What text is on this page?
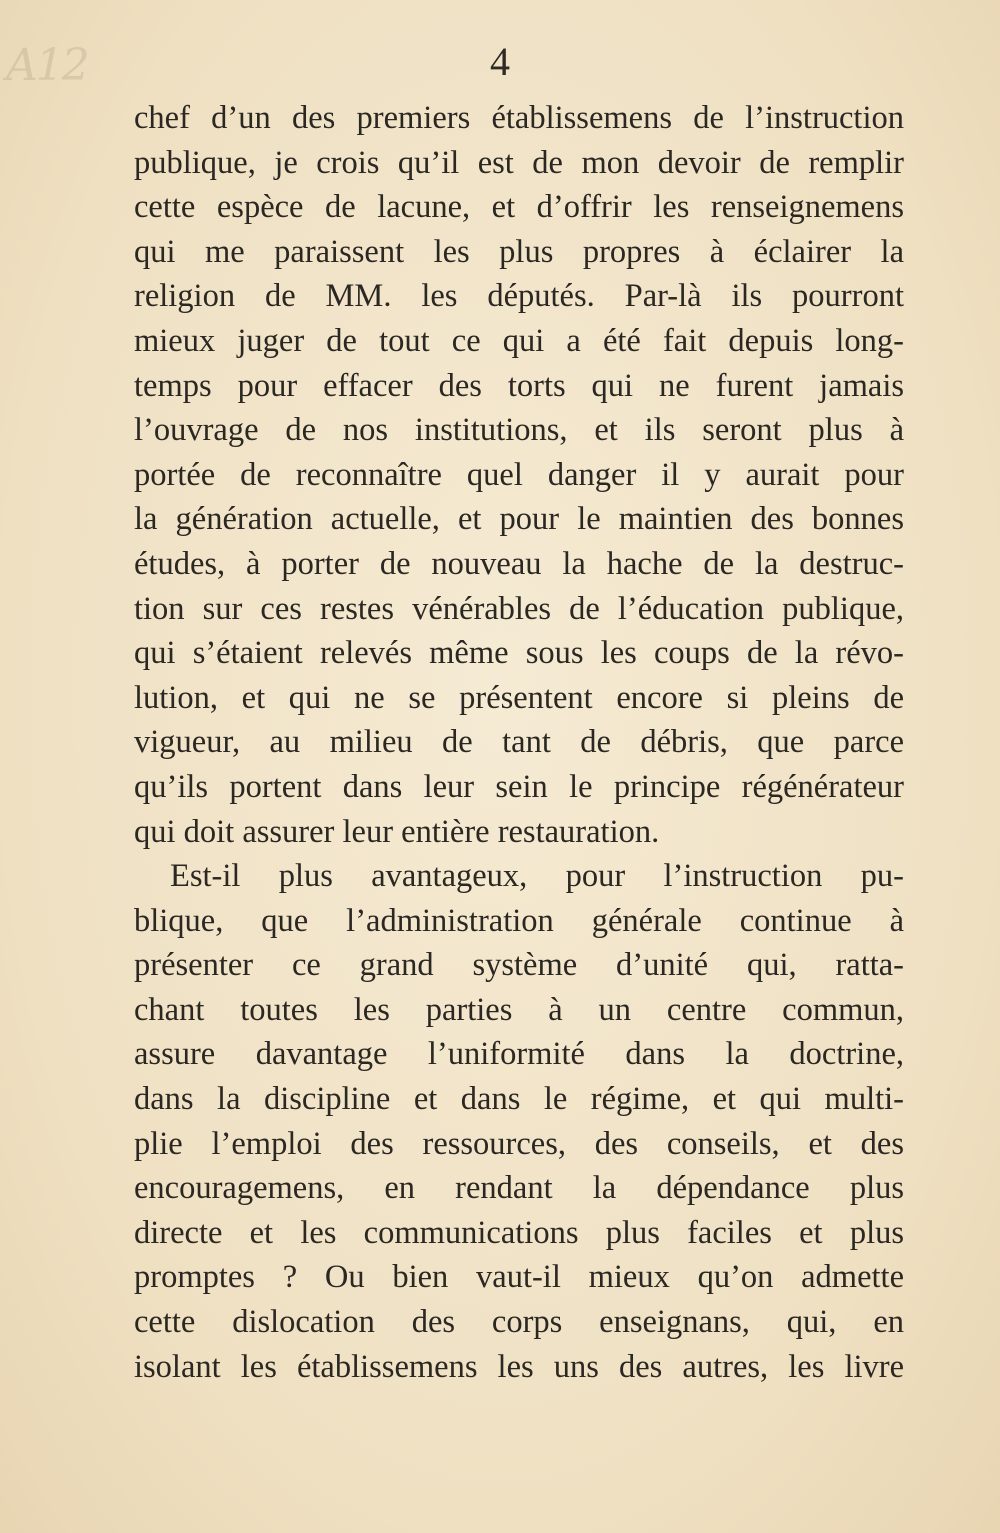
A12	4
chef d’un des premiers établissemens de l’instruction
publique, je crois qu’il est de mon devoir de remplir
cette espèce de lacune, et d’offrir les renseignemens
qui me paraissent les plus propres à éclairer la
religion de MM. les députés. Par-là ils pourront
mieux juger de tout ce qui a été fait depuis long-
temps pour effacer des torts qui ne furent jamais
l’ouvrage de nos institutions, et ils seront plus à
portée de reconnaître quel danger il y aurait pour
la génération actuelle, et pour le maintien des bonnes
études, à porter de nouveau la hache de la destruc-
tion sur ces restes vénérables de l’éducation publique,
qui s’étaient relevés même sous les coups de la révo-
lution, et qui ne se présentent encore si pleins de
vigueur, au milieu de tant de débris, que parce
qu’ils portent dans leur sein le principe régénérateur
qui doit assurer leur entière restauration.
Est-il plus avantageux, pour l’instruction pu-
blique, que l’administration générale continue à
présenter ce grand système d’unité qui, ratta-
chant toutes les parties à un centre commun,
assure davantage l’uniformité dans la doctrine,
dans la discipline et dans le régime, et qui multi-
plie l’emploi des ressources, des conseils, et des
encouragemens, en rendant la dépendance plus
directe et les communications plus faciles et plus
promptes ? Ou bien vaut-il mieux qu’on admette
cette dislocation des corps enseignans, qui, en
isolant les établissemens les uns des autres, les livre
